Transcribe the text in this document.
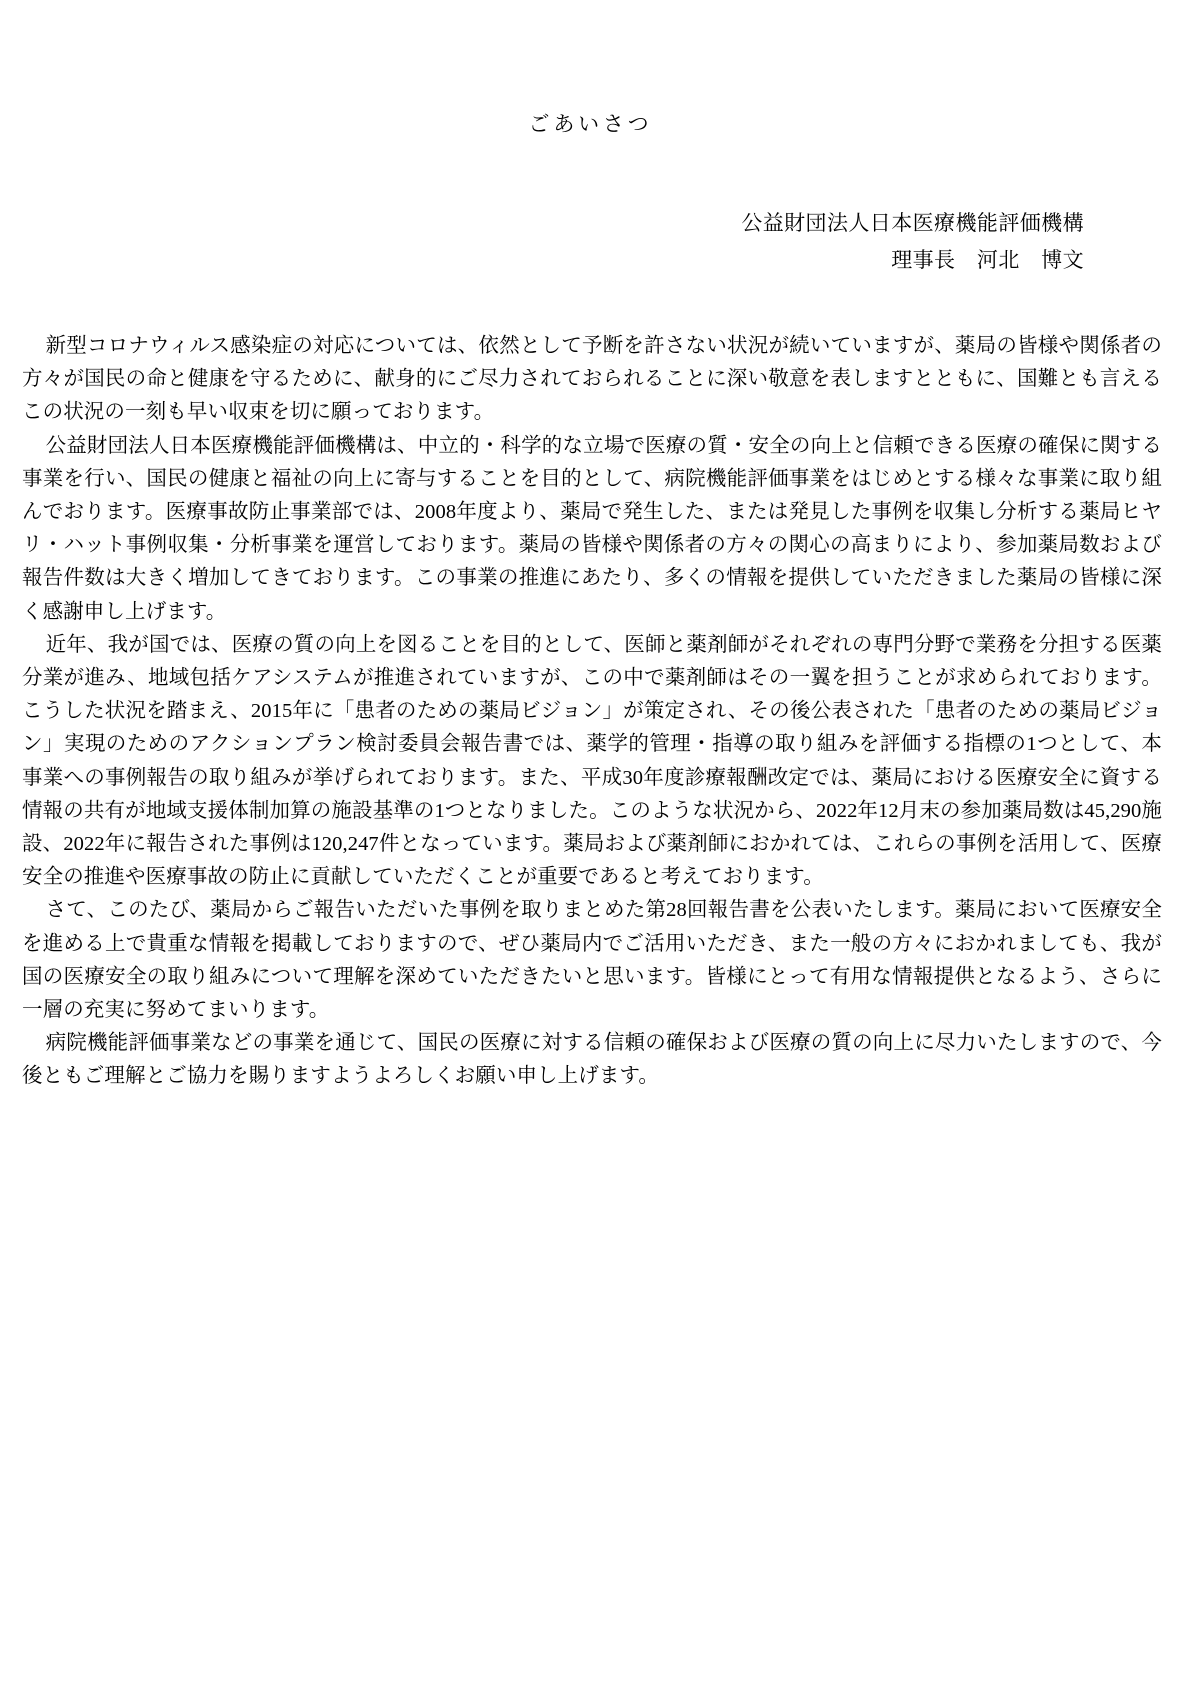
ごあいさつ
公益財団法人日本医療機能評価機構
理事長　河北　博文

新型コロナウィルス感染症の対応については、依然として予断を許さない状況が続いていますが、薬局の皆様や関係者の方々が国民の命と健康を守るために、献身的にご尽力されておられることに深い敬意を表しますとともに、国難とも言えるこの状況の一刻も早い収束を切に願っております。

公益財団法人日本医療機能評価機構は、中立的・科学的な立場で医療の質・安全の向上と信頼できる医療の確保に関する事業を行い、国民の健康と福祉の向上に寄与することを目的として、病院機能評価事業をはじめとする様々な事業に取り組んでおります。医療事故防止事業部では、2008年度より、薬局で発生した、または発見した事例を収集し分析する薬局ヒヤリ・ハット事例収集・分析事業を運営しております。薬局の皆様や関係者の方々の関心の高まりにより、参加薬局数および報告件数は大きく増加してきております。この事業の推進にあたり、多くの情報を提供していただきました薬局の皆様に深く感謝申し上げます。

近年、我が国では、医療の質の向上を図ることを目的として、医師と薬剤師がそれぞれの専門分野で業務を分担する医薬分業が進み、地域包括ケアシステムが推進されていますが、この中で薬剤師はその一翼を担うことが求められております。こうした状況を踏まえ、2015年に「患者のための薬局ビジョン」が策定され、その後公表された「患者のための薬局ビジョン」実現のためのアクションプラン検討委員会報告書では、薬学的管理・指導の取り組みを評価する指標の1つとして、本事業への事例報告の取り組みが挙げられております。また、平成30年度診療報酬改定では、薬局における医療安全に資する情報の共有が地域支援体制加算の施設基準の1つとなりました。このような状況から、2022年12月末の参加薬局数は45,290施設、2022年に報告された事例は120,247件となっています。薬局および薬剤師におかれては、これらの事例を活用して、医療安全の推進や医療事故の防止に貢献していただくことが重要であると考えております。

さて、このたび、薬局からご報告いただいた事例を取りまとめた第28回報告書を公表いたします。薬局において医療安全を進める上で貴重な情報を掲載しておりますので、ぜひ薬局内でご活用いただき、また一般の方々におかれましても、我が国の医療安全の取り組みについて理解を深めていただきたいと思います。皆様にとって有用な情報提供となるよう、さらに一層の充実に努めてまいります。

病院機能評価事業などの事業を通じて、国民の医療に対する信頼の確保および医療の質の向上に尽力いたしますので、今後ともご理解とご協力を賜りますようよろしくお願い申し上げます。
